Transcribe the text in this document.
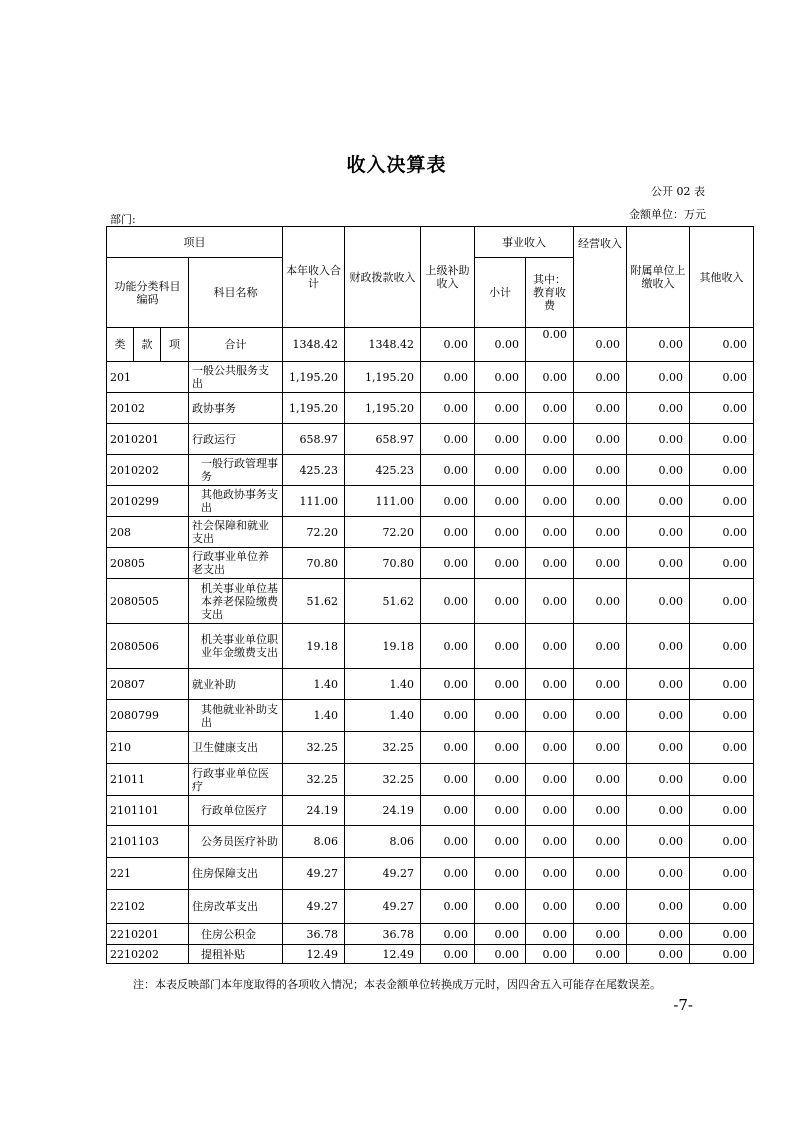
收入决算表
公开 02 表
部门:	金额单位：万元
项目				本年收入合计	财政拨款收入	上级补助收入	事业收入		经营收入	附属单位上缴收入	其他收入
功能分类科目编码			科目名称				小计	其中：教育收费			

类	款	项	合计	1348.42	1348.42	0.00	0.00	0.00	0.00	0.00	0.00
201			一般公共服务支出	1,195.20	1,195.20	0.00	0.00	0.00	0.00	0.00	0.00
20102			政协事务	1,195.20	1,195.20	0.00	0.00	0.00	0.00	0.00	0.00
2010201			行政运行	658.97	658.97	0.00	0.00	0.00	0.00	0.00	0.00
2010202			一般行政管理事务	425.23	425.23	0.00	0.00	0.00	0.00	0.00	0.00
2010299			其他政协事务支出	111.00	111.00	0.00	0.00	0.00	0.00	0.00	0.00
208			社会保障和就业支出	72.20	72.20	0.00	0.00	0.00	0.00	0.00	0.00
20805			行政事业单位养老支出	70.80	70.80	0.00	0.00	0.00	0.00	0.00	0.00
2080505			机关事业单位基本养老保险缴费支出	51.62	51.62	0.00	0.00	0.00	0.00	0.00	0.00
2080506			机关事业单位职业年金缴费支出	19.18	19.18	0.00	0.00	0.00	0.00	0.00	0.00
20807			就业补助	1.40	1.40	0.00	0.00	0.00	0.00	0.00	0.00
2080799			其他就业补助支出	1.40	1.40	0.00	0.00	0.00	0.00	0.00	0.00
210			卫生健康支出	32.25	32.25	0.00	0.00	0.00	0.00	0.00	0.00
21011			行政事业单位医疗	32.25	32.25	0.00	0.00	0.00	0.00	0.00	0.00
2101101			行政单位医疗	24.19	24.19	0.00	0.00	0.00	0.00	0.00	0.00
2101103			公务员医疗补助	8.06	8.06	0.00	0.00	0.00	0.00	0.00	0.00
221			住房保障支出	49.27	49.27	0.00	0.00	0.00	0.00	0.00	0.00
22102			住房改革支出	49.27	49.27	0.00	0.00	0.00	0.00	0.00	0.00
2210201			住房公积金	36.78	36.78	0.00	0.00	0.00	0.00	0.00	0.00
2210202			提租补贴	12.49	12.49	0.00	0.00	0.00	0.00	0.00	0.00
注：本表反映部门本年度取得的各项收入情况；本表金额单位转换成万元时，因四舍五入可能存在尾数误差。
-7-
